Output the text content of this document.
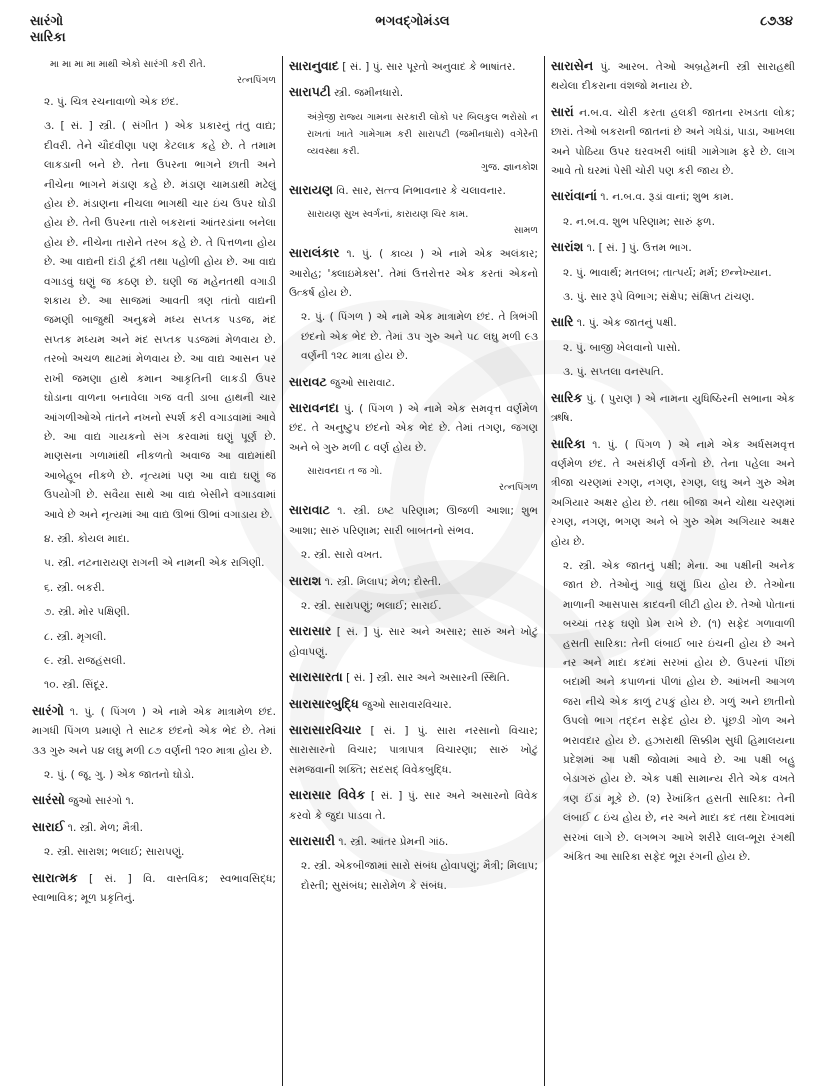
સારંગો
સારિકા
ભગવદ્ગોમંડલ	૮૭૩૪
મા મા મા મા માથી એકો સારંગી કરી રીતે.
રત્નપિંગળ
૨. પું. ચિત્ર રચનાવાળો એક છંદ.
૩. [ સં. ] સ્ત્રી. ( સંગીત ) એક પ્રકારનું તંતુ વાદ્ય; દીવરી. તેને ચૌદવીણા પણ કેટલાક કહે છે. તે તમામ લાકડાની બને છે. તેના ઉપરના ભાગને છાતી અને નીચેના ભાગને મંડાણ કહે છે. મંડાણ ચામડાથી મઢેલું હોય છે. મંડાણના નીચલા ભાગથી ચાર ઇંચ ઉપર ઘોડી હોય છે. તેની ઉપરના તારો બકરાનાં આંતરડાંના બનેલા હોય છે. નીચેના તારોને તરબ કહે છે. તે પિત્તળના હોય છે. આ વાદ્યની દાંડી ટૂંકી તથા પહોળી હોય છે. આ વાદ્ય વગાડવું ઘણું જ કઠણ છે. ઘણી જ મહેનતથી વગાડી શકાય છે. આ સાજમાં આવતી ત્રણ તાંતો વાદ્યની જમણી બાજુથી અનુક્રમે મધ્ય સપ્તક પડજ, મંદ સપ્તક મધ્યમ અને મંદ સપ્તક પડજમાં મેળવાય છે. તરબો અચળ થાટમાં મેળવાય છે. આ વાદ્ય આસન પર રાખી જમણા હાથે કમાન આકૃતિની લાકડી ઉપર ઘોડાના વાળના બનાવેલા ગજ વતી ડાબા હાથની ચાર આંગળીઓએ તાંતને નખનો સ્પર્શ કરી વગાડવામાં આવે છે. આ વાદ્ય ગાયકનો સંગ કરવામાં ઘણું પૂર્ણ છે. માણસના ગળામાંથી નીકળતો અવાજ આ વાદ્યમાંથી આબેહૂબ નીકળે છે. નૃત્યમાં પણ આ વાદ્ય ઘણું જ ઉપયોગી છે. સવૈયા સાથે આ વાદ્ય બેસીને વગાડવામાં આવે છે અને નૃત્યમાં આ વાદ્ય ઊભાં ઊભાં વગાડાય છે.
૪. સ્ત્રી. કોયલ માદા.
૫. સ્ત્રી. નટનારાયણ રાગની એ નામની એક રાગિણી.
૬. સ્ત્રી. બકરી.
૭. સ્ત્રી. મોર પક્ષિણી.
૮. સ્ત્રી. મૃગલી.
૯. સ્ત્રી. રાજહંસલી.
૧૦. સ્ત્રી. સિંદૂર.
સારંગો ૧. પું. ( પિંગળ ) એ નામે એક માત્રામેળ છંદ. માગધી પિંગળ પ્રમાણે તે સાટક છંદનો એક ભેદ છે. તેમાં ૩૩ ગુરુ અને ૫૪ લઘુ મળી ૮૭ વર્ણની ૧૨૦ માત્રા હોય છે.
૨. પું. ( જૂ. ગુ. ) એક જાતનો ઘોડો.
સારંસો જુઓ સારંગો ૧.
સારાઈ ૧. સ્ત્રી. મેળ; મૈત્રી.
૨. સ્ત્રી. સારાશ; ભલાઈ; સારાપણું.
સારાત્મક [ સં. ] વિ. વાસ્તવિક; સ્વભાવસિદ્ધ; સ્વાભાવિક; મૂળ પ્રકૃતિનું.
સારાનુવાદ [ સં. ] પું. સાર પૂરતો અનુવાદ કે ભાષાંતર.
સારાપટી સ્ત્રી. જમીનધારો.
અંગ્રેજી રાજ્ય ગામના સરકારી લોકો પર બિલકુલ ભરોસો ન રાખતાં ખાતે ગામેગામ કરી સારાપટી (જમીનધારો) વગેરેની વ્યવસ્થા કરી.
ગુજ. જ્ઞાનકોશ
સારાયણ વિ. સાર, સત્ત્વ નિભાવનાર કે ચલાવનાર.
સારાયણ સુખ સ્વર્ગનાં, કારાયણ ચિર કામ.
સામળ
સારાલંકાર ૧. પું. ( કાવ્ય ) એ નામે એક અલંકાર; આરોહ; 'ક્લાઇમેક્સ'. તેમાં ઉત્તરોત્તર એક કરતાં એકનો ઉત્કર્ષ હોય છે.
૨. પું. ( પિંગળ ) એ નામે એક માત્રામેળ છંદ. તે ત્રિભંગી છંદનો એક ભેદ છે. તેમાં ૩૫ ગુરુ અને ૫૮ લઘુ મળી ૯૩ વર્ણની ૧૨૮ માત્રા હોય છે.
સારાવટ જુઓ સારાવાટ.
સારાવનદા પું. ( પિંગળ ) એ નામે એક સમવૃત્ત વર્ણમેળ છંદ. તે અનુષ્ટુપ છંદનો એક ભેદ છે. તેમાં તગણ, જગણ અને બે ગુરુ મળી ૮ વર્ણ હોય છે.
સારાવનદા ત જ ગો.
રત્નપિંગળ
સારાવાટ ૧. સ્ત્રી. ઇષ્ટ પરિણામ; ઊજળી આશા; શુભ આશા; સારું પરિણામ; સારી બાબતનો સંભવ.
૨. સ્ત્રી. સારો વખત.
સારાશ ૧. સ્ત્રી. મિલાપ; મેળ; દોસ્તી.
૨. સ્ત્રી. સારાપણું; ભલાઈ; સારાઈ.
સારાસાર [ સં. ] પું. સાર અને અસાર; સારું અને ખોટું હોવાપણું.
સારાસારતા [ સં. ] સ્ત્રી. સાર અને અસારની સ્થિતિ.
સારાસારબુદ્ધિ જુઓ સારાવારવિચાર.
સારાસારવિચાર [ સં. ] પું. સારા નરસાનો વિચાર; સારાસારનો વિચાર; પાત્રાપાત્ર વિચારણા; સારું ખોટું સમજવાની શક્તિ; સદસદ્ વિવેકબુદ્ધિ.
સારાસાર વિવેક [ સં. ] પું. સાર અને અસારનો વિવેક કરવો કે જુદા પાડવા તે.
સારાસારી ૧. સ્ત્રી. આંતર પ્રેમની ગાંઠ.
૨. સ્ત્રી. એકબીજામાં સારો સંબંધ હોવાપણું; મૈત્રી; મિલાપ; દોસ્તી; સુસંબંધ; સારોમેળ કે સંબંધ.
સારાસેન પું. આરબ. તેઓ અબ્રહેમની સ્ત્રી સારાહથી થયેલા દીકરાના વંશજો મનાય છે.
સારાં ન.બ.વ. ચોરી કરતા હલકી જાતના રખડતા લોક; છારાં. તેઓ બકરાની જાતનાં છે અને ગધેડાં, પાડા, આખલા અને પોઠિયા ઉપર ઘરવખરી બાંધી ગામેગામ ફરે છે. લાગ આવે તો ઘરમાં પેસી ચોરી પણ કરી જાય છે.
સારાંવાનાં ૧. ન.બ.વ. રૂડાં વાનાં; શુભ કામ.
૨. ન.બ.વ. શુભ પરિણામ; સારું ફળ.
સારાંશ ૧. [ સં. ] પું. ઉત્તમ ભાગ.
૨. પું. ભાવાર્થ; મતલબ; તાત્પર્ય; મર્મ; છન્નેખ્યાન.
૩. પું. સાર રૂપે વિભાગ; સંક્ષેપ; સંક્ષિપ્ત ટાંચણ.
સારિ ૧. પું. એક જાતનું પક્ષી.
૨. પું. બાજી ખેલવાનો પાસો.
૩. પું. સપ્તલા વનસ્પતિ.
સારિક પું. ( પુરાણ ) એ નામના યુધિષ્ઠિરની સભાના એક ઋષિ.
સારિકા ૧. પું. ( પિંગળ ) એ નામે એક અર્ધસમવૃત્ત વર્ણમેળ છંદ. તે અસંકીર્ણ વર્ગનો છે. તેના પહેલા અને ત્રીજા ચરણમાં રગણ, નગણ, રગણ, લઘુ અને ગુરુ એમ અગિયાર અક્ષર હોય છે. તથા બીજા અને ચોથા ચરણમાં રગણ, નગણ, ભગણ અને બે ગુરુ એમ અગિયાર અક્ષર હોય છે.
૨. સ્ત્રી. એક જાતનું પક્ષી; મેના. આ પક્ષીની અનેક જાત છે. તેઓનું ગાવું ઘણું પ્રિય હોય છે. તેઓના માળાની આસપાસ કાદવની લીટી હોય છે. તેઓ પોતાનાં બચ્ચાં તરફ ઘણો પ્રેમ રાખે છે. (૧) સફેદ ગળાવાળી હસતી સારિકા: તેની લંબાઈ બાર ઇંચની હોય છે અને નર અને માદા કદમાં સરખાં હોય છે. ઉપરનાં પીંછાં બદામી અને કપાળનાં પીળાં હોય છે. આંખની આગળ જરા નીચે એક કાળું ટપકું હોય છે. ગળું અને છાતીનો ઉપલો ભાગ તદ્દન સફેદ હોય છે. પૂંછડી ગોળ અને ભરાવદાર હોય છે. હઝારાથી સિક્કીમ સુધી હિમાલયના પ્રદેશમાં આ પક્ષી જોવામાં આવે છે. આ પક્ષી બહુ બેડાગરું હોય છે. એક પક્ષી સામાન્ય રીતે એક વખતે ત્રણ ઈંડાં મૂકે છે. (૨) રેખાંકિત હસતી સારિકા: તેની લંબાઈ ૮ ઇંચ હોય છે, નર અને માદા કદ તથા દેખાવમાં સરખાં લાગે છે. લગભગ આખે શરીરે લાલ-ભૂરા રંગથી અંકિત આ સારિકા સફેદ ભૂરા રંગની હોય છે.
